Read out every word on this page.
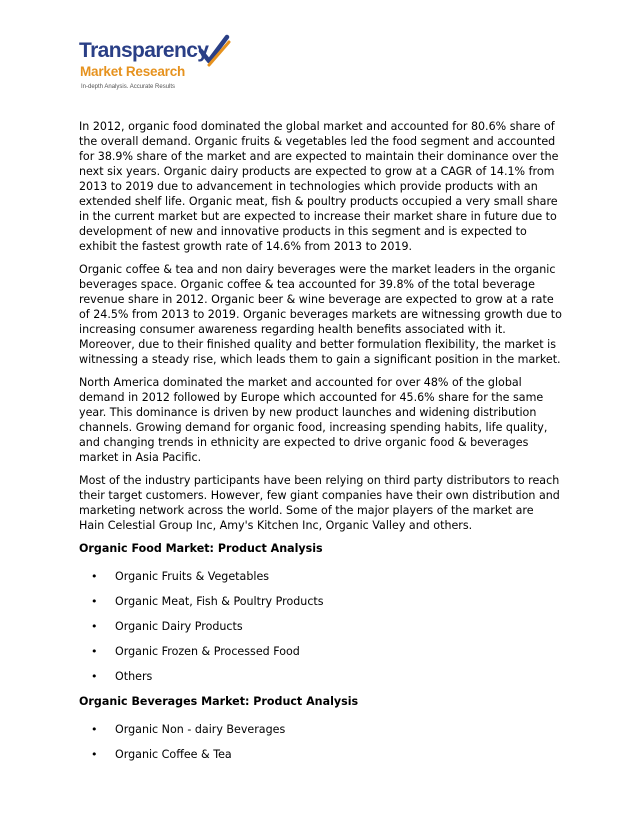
Transparency
Market Research
In-depth Analysis. Accurate Results

In 2012, organic food dominated the global market and accounted for 80.6% share of the overall demand. Organic fruits & vegetables led the food segment and accounted for 38.9% share of the market and are expected to maintain their dominance over the next six years. Organic dairy products are expected to grow at a CAGR of 14.1% from 2013 to 2019 due to advancement in technologies which provide products with an extended shelf life. Organic meat, fish & poultry products occupied a very small share in the current market but are expected to increase their market share in future due to development of new and innovative products in this segment and is expected to exhibit the fastest growth rate of 14.6% from 2013 to 2019.

Organic coffee & tea and non dairy beverages were the market leaders in the organic beverages space. Organic coffee & tea accounted for 39.8% of the total beverage revenue share in 2012. Organic beer & wine beverage are expected to grow at a rate of 24.5% from 2013 to 2019. Organic beverages markets are witnessing growth due to increasing consumer awareness regarding health benefits associated with it. Moreover, due to their finished quality and better formulation flexibility, the market is witnessing a steady rise, which leads them to gain a significant position in the market.

North America dominated the market and accounted for over 48% of the global demand in 2012 followed by Europe which accounted for 45.6% share for the same year. This dominance is driven by new product launches and widening distribution channels. Growing demand for organic food, increasing spending habits, life quality, and changing trends in ethnicity are expected to drive organic food & beverages market in Asia Pacific.

Most of the industry participants have been relying on third party distributors to reach their target customers. However, few giant companies have their own distribution and marketing network across the world. Some of the major players of the market are Hain Celestial Group Inc, Amy's Kitchen Inc, Organic Valley and others.

Organic Food Market: Product Analysis
• Organic Fruits & Vegetables
• Organic Meat, Fish & Poultry Products
• Organic Dairy Products
• Organic Frozen & Processed Food
• Others
Organic Beverages Market: Product Analysis
• Organic Non - dairy Beverages
• Organic Coffee & Tea
